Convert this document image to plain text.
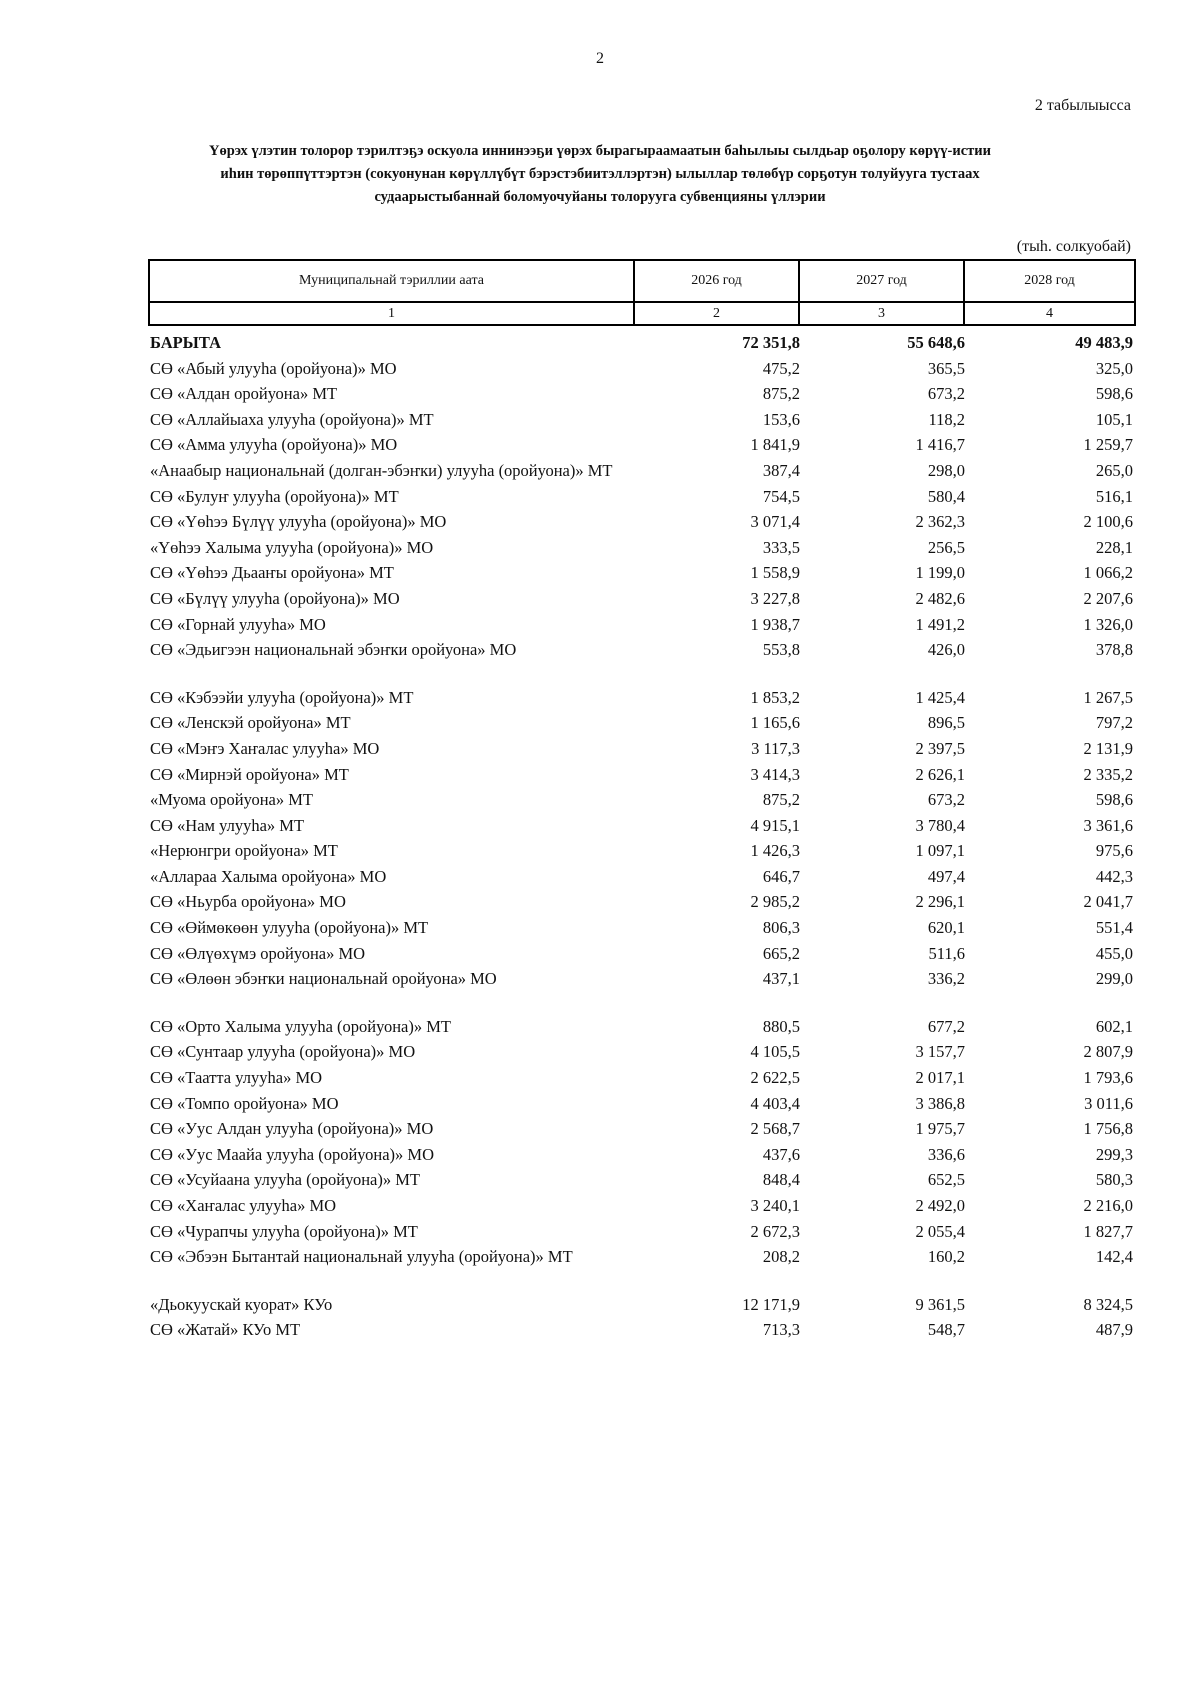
2
2 табылыысса
Үөрэх үлэтин толорор тэрилтэҕэ оскуола иннинээҕи үөрэх бырагыраамаатын баһылыы сылдьар оҕолору көрүү-истии
иһин төрөппүттэртэн (сокуонунан көрүллүбүт бэрэстэбиитэллэртэн) ылыллар төлөбүр сорҕотун толуйууга тустаах
судаарыстыбаннай боломуочуйаны толорууга субвенцияны үллэрии
(тыһ. солкуобай)
Муниципальнай тэриллии аата	2026 год	2027 год	2028 год
1	2	3	4
БАРЫТА	72 351,8	55 648,6	49 483,9
СӨ «Абый улууһа (оройуона)» МО	475,2	365,5	325,0
СӨ «Алдан оройуона» МТ	875,2	673,2	598,6
СӨ «Аллайыаха улууһа (оройуона)» МТ	153,6	118,2	105,1
СӨ «Амма улууһа (оройуона)» МО	1 841,9	1 416,7	1 259,7
«Анаабыр национальнай (долган-эбэҥки) улууһа (оройуона)» МТ	387,4	298,0	265,0
СӨ «Булуҥ улууһа (оройуона)» МТ	754,5	580,4	516,1
СӨ «Үөһээ Бүлүү улууһа (оройуона)» МО	3 071,4	2 362,3	2 100,6
«Үөһээ Халыма улууһа (оройуона)» МО	333,5	256,5	228,1
СӨ «Үөһээ Дьааҥы оройуона» МТ	1 558,9	1 199,0	1 066,2
СӨ «Бүлүү улууһа (оройуона)» МО	3 227,8	2 482,6	2 207,6
СӨ «Горнай улууһа» МО	1 938,7	1 491,2	1 326,0
СӨ «Эдьигээн национальнай эбэҥки оройуона» МО	553,8	426,0	378,8
СӨ «Кэбээйи улууһа (оройуона)» МТ	1 853,2	1 425,4	1 267,5
СӨ «Ленскэй оройуона» МТ	1 165,6	896,5	797,2
СӨ «Мэҥэ Хаҥалас улууһа» МО	3 117,3	2 397,5	2 131,9
СӨ «Мирнэй оройуона» МТ	3 414,3	2 626,1	2 335,2
«Муома оройуона» МТ	875,2	673,2	598,6
СӨ «Нам улууһа» МТ	4 915,1	3 780,4	3 361,6
«Нерюнгри оройуона» МТ	1 426,3	1 097,1	975,6
«Аллараа Халыма оройуона» МО	646,7	497,4	442,3
СӨ «Ньурба оройуона» МО	2 985,2	2 296,1	2 041,7
СӨ «Өймөкөөн улууһа (оройуона)» МТ	806,3	620,1	551,4
СӨ «Өлүөхүмэ оройуона» МО	665,2	511,6	455,0
СӨ «Өлөөн эбэҥки национальнай оройуона» МО	437,1	336,2	299,0
СӨ «Орто Халыма улууһа (оройуона)» МТ	880,5	677,2	602,1
СӨ «Сунтаар улууһа (оройуона)» МО	4 105,5	3 157,7	2 807,9
СӨ «Таатта улууһа» МО	2 622,5	2 017,1	1 793,6
СӨ «Томпо оройуона» МО	4 403,4	3 386,8	3 011,6
СӨ «Уус Алдан улууһа (оройуона)» МО	2 568,7	1 975,7	1 756,8
СӨ «Уус Маайа улууһа (оройуона)» МО	437,6	336,6	299,3
СӨ «Усуйаана улууһа (оройуона)» МТ	848,4	652,5	580,3
СӨ «Хаҥалас улууһа» МО	3 240,1	2 492,0	2 216,0
СӨ «Чурапчы улууһа (оройуона)» МТ	2 672,3	2 055,4	1 827,7
СӨ «Эбээн Бытантай национальнай улууһа (оройуона)» МТ	208,2	160,2	142,4
«Дьокуускай куорат» КУо	12 171,9	9 361,5	8 324,5
СӨ «Жатай» КУо МТ	713,3	548,7	487,9
